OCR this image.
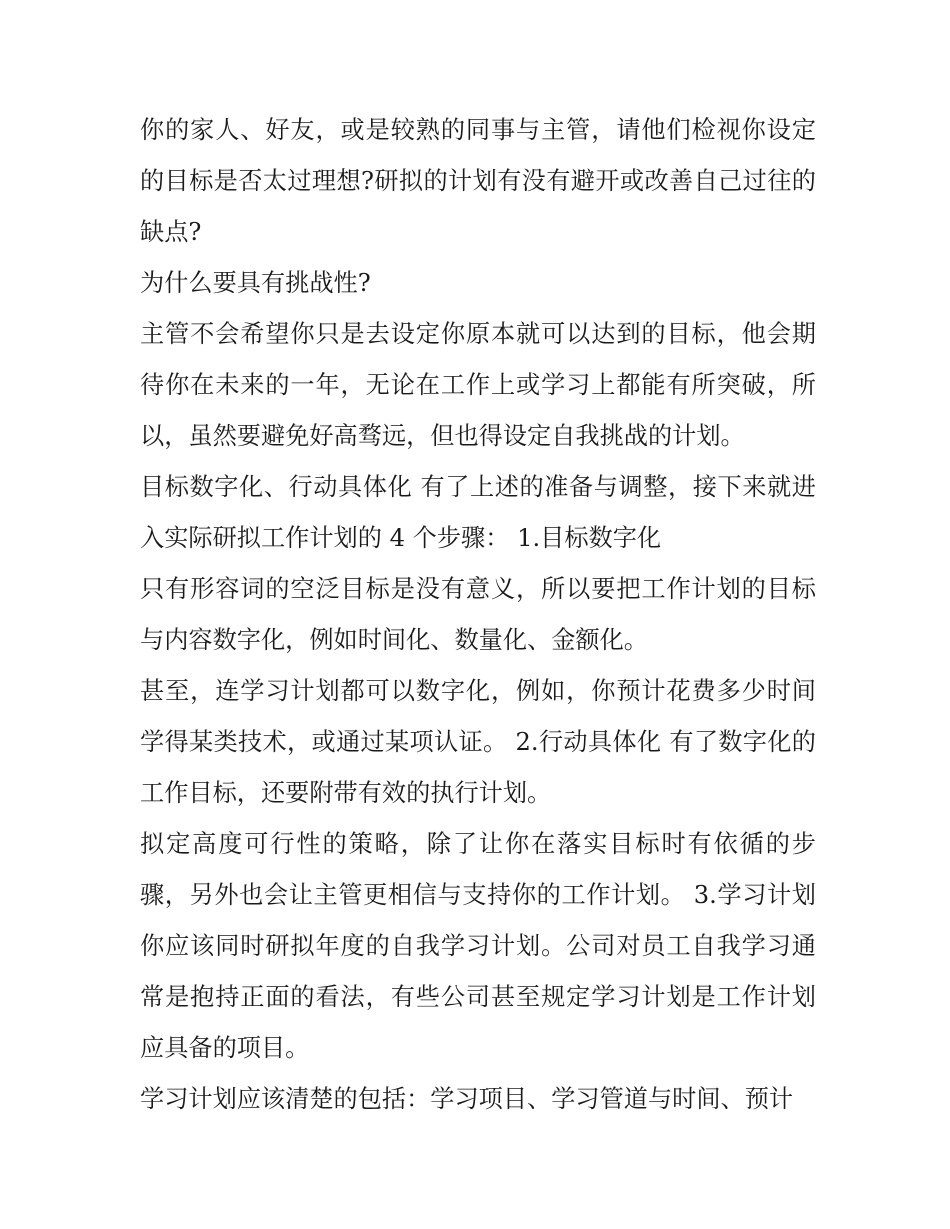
你的家人、好友，或是较熟的同事与主管，请他们检视你设定的目标是否太过理想?研拟的计划有没有避开或改善自己过往的缺点?

为什么要具有挑战性?

主管不会希望你只是去设定你原本就可以达到的目标，他会期待你在未来的一年，无论在工作上或学习上都能有所突破，所以，虽然要避免好高骛远，但也得设定自我挑战的计划。

目标数字化、行动具体化 有了上述的准备与调整，接下来就进入实际研拟工作计划的 4 个步骤： 1.目标数字化

只有形容词的空泛目标是没有意义，所以要把工作计划的目标与内容数字化，例如时间化、数量化、金额化。

甚至，连学习计划都可以数字化，例如，你预计花费多少时间学得某类技术，或通过某项认证。 2.行动具体化 有了数字化的工作目标，还要附带有效的执行计划。

拟定高度可行性的策略，除了让你在落实目标时有依循的步骤，另外也会让主管更相信与支持你的工作计划。 3.学习计划 你应该同时研拟年度的自我学习计划。公司对员工自我学习通常是抱持正面的看法，有些公司甚至规定学习计划是工作计划应具备的项目。

学习计划应该清楚的包括：学习项目、学习管道与时间、预计
